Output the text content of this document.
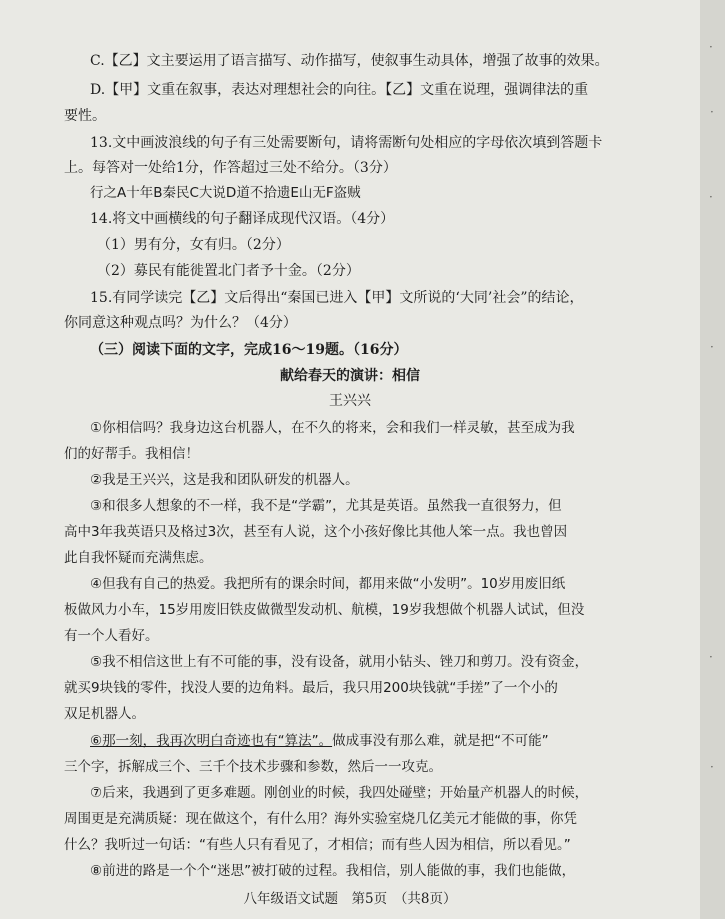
C.【乙】文主要运用了语言描写、动作描写，使叙事生动具体，增强了故事的效果。
D.【甲】文重在叙事，表达对理想社会的向往。【乙】文重在说理，强调律法的重
要性。
13.文中画波浪线的句子有三处需要断句，请将需断句处相应的字母依次填到答题卡
上。每答对一处给1分，作答超过三处不给分。（3分）
行之A十年B秦民C大说D道不拾遗E山无F盗贼
14.将文中画横线的句子翻译成现代汉语。（4分）
（1）男有分，女有归。（2分）
（2）募民有能徙置北门者予十金。（2分）
15.有同学读完【乙】文后得出“秦国已进入【甲】文所说的‘大同’社会”的结论，
你同意这种观点吗？为什么？（4分）
（三）阅读下面的文字，完成16～19题。（16分）
献给春天的演讲：相信
王兴兴
①你相信吗？我身边这台机器人，在不久的将来，会和我们一样灵敏，甚至成为我
们的好帮手。我相信！
②我是王兴兴，这是我和团队研发的机器人。
③和很多人想象的不一样，我不是“学霸”，尤其是英语。虽然我一直很努力，但
高中3年我英语只及格过3次，甚至有人说，这个小孩好像比其他人笨一点。我也曾因
此自我怀疑而充满焦虑。
④但我有自己的热爱。我把所有的课余时间，都用来做“小发明”。10岁用废旧纸
板做风力小车，15岁用废旧铁皮做微型发动机、航模，19岁我想做个机器人试试，但没
有一个人看好。
⑤我不相信这世上有不可能的事，没有设备，就用小钻头、锉刀和剪刀。没有资金，
就买9块钱的零件，找没人要的边角料。最后，我只用200块钱就“手搓”了一个小的
双足机器人。
⑥那一刻，我再次明白奇迹也有“算法”。做成事没有那么难，就是把“不可能”
三个字，拆解成三个、三千个技术步骤和参数，然后一一攻克。
⑦后来，我遇到了更多难题。刚创业的时候，我四处碰壁；开始量产机器人的时候，
周围更是充满质疑：现在做这个，有什么用？海外实验室烧几亿美元才能做的事，你凭
什么？我听过一句话：“有些人只有看见了，才相信；而有些人因为相信，所以看见。”
⑧前进的路是一个个“迷思”被打破的过程。我相信，别人能做的事，我们也能做，
八年级语文试题　第5页　（共8页）
·
·
·
·
·
·
